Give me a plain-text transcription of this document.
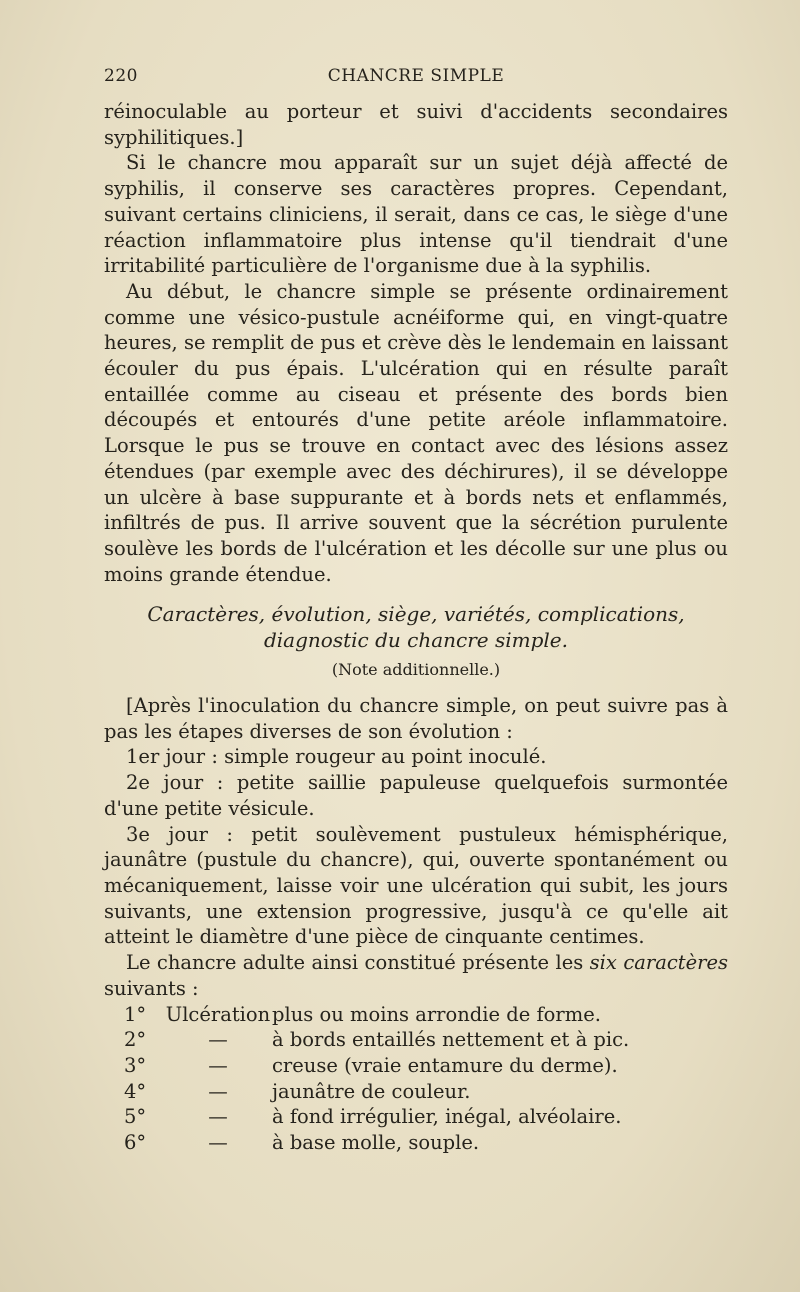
220	CHANCRE SIMPLE

réinoculable au porteur et suivi d'accidents secondaires syphilitiques.]

Si le chancre mou apparaît sur un sujet déjà affecté de syphilis, il conserve ses caractères propres. Cependant, suivant certains cliniciens, il serait, dans ce cas, le siège d'une réaction inflammatoire plus intense qu'il tiendrait d'une irritabilité particulière de l'organisme due à la syphilis.

Au début, le chancre simple se présente ordinairement comme une vésico-pustule acnéiforme qui, en vingt-quatre heures, se remplit de pus et crève dès le lendemain en laissant écouler du pus épais. L'ulcération qui en résulte paraît entaillée comme au ciseau et présente des bords bien découpés et entourés d'une petite aréole inflammatoire. Lorsque le pus se trouve en contact avec des lésions assez étendues (par exemple avec des déchirures), il se développe un ulcère à base suppurante et à bords nets et enflammés, infiltrés de pus. Il arrive souvent que la sécrétion purulente soulève les bords de l'ulcération et les décolle sur une plus ou moins grande étendue.

Caractères, évolution, siège, variétés, complications,
diagnostic du chancre simple.
(Note additionnelle.)

[Après l'inoculation du chancre simple, on peut suivre pas à pas les étapes diverses de son évolution :

1er jour : simple rougeur au point inoculé.

2e jour : petite saillie papuleuse quelquefois surmontée d'une petite vésicule.

3e jour : petit soulèvement pustuleux hémisphérique, jaunâtre (pustule du chancre), qui, ouverte spontanément ou mécaniquement, laisse voir une ulcération qui subit, les jours suivants, une extension progressive, jusqu'à ce qu'elle ait atteint le diamètre d'une pièce de cinquante centimes.

Le chancre adulte ainsi constitué présente les six caractères suivants :

1°	Ulcération plus ou moins arrondie de forme.
2°	—	à bords entaillés nettement et à pic.
3°	—	creuse (vraie entamure du derme).
4°	—	jaunâtre de couleur.
5°	—	à fond irrégulier, inégal, alvéolaire.
6°	—	à base molle, souple.
